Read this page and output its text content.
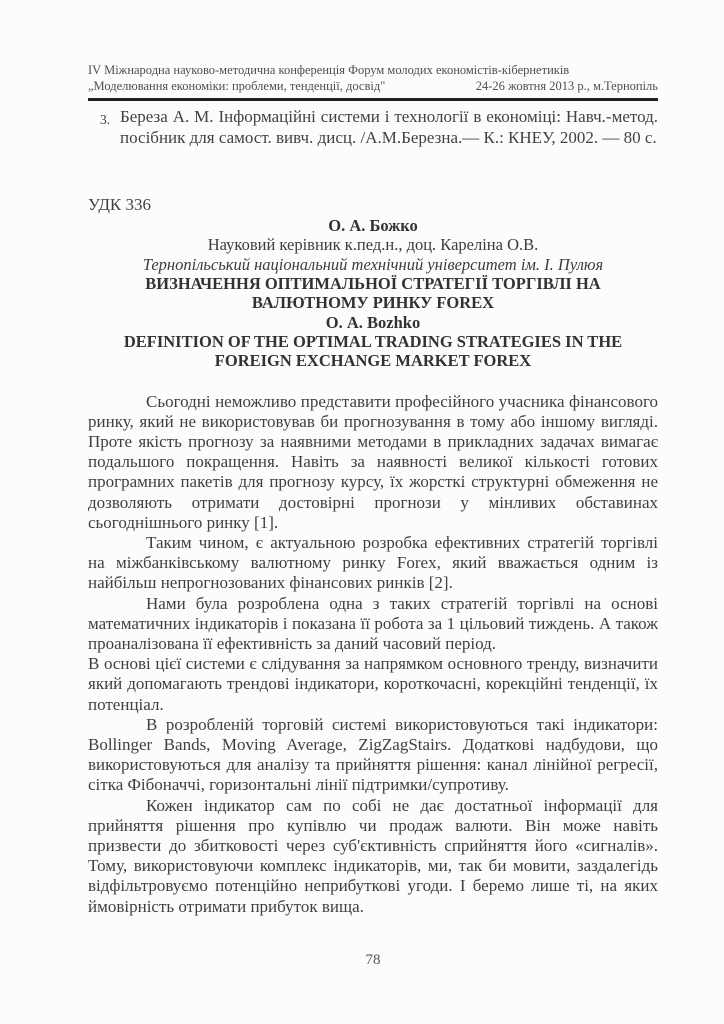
IV Міжнародна науково-методична конференція Форум молодих економістів-кібернетиків
„Моделювання економіки: проблеми, тенденції, досвід"	24-26 жовтня 2013 р., м.Тернопіль
3. Береза А. М. Інформаційні системи і технології в економіці: Навч.-метод. посібник для самост. вивч. дисц. /А.М.Березна.— К.: КНЕУ, 2002. — 80 с.
УДК 336
О. А. Божко
Науковий керівник к.пед.н., доц. Кареліна О.В.
Тернопільський національний технічний університет ім. І. Пулюя
ВИЗНАЧЕННЯ ОПТИМАЛЬНОЇ СТРАТЕГІЇ ТОРГІВЛІ НА ВАЛЮТНОМУ РИНКУ FOREX
О. А. Bozhko
DEFINITION OF THE OPTIMAL TRADING STRATEGIES IN THE FOREIGN EXCHANGE MARKET FOREX

Сьогодні неможливо представити професійного учасника фінансового ринку, який не використовував би прогнозування в тому або іншому вигляді. Проте якість прогнозу за наявними методами в прикладних задачах вимагає подальшого покращення. Навіть за наявності великої кількості готових програмних пакетів для прогнозу курсу, їх жорсткі структурні обмеження не дозволяють отримати достовірні прогнози у мінливих обставинах сьогоднішнього ринку [1].

Таким чином, є актуальною розробка ефективних стратегій торгівлі на міжбанківському валютному ринку Forex, який вважається одним із найбільш непрогнозованих фінансових ринків [2].

Нами була розроблена одна з таких стратегій торгівлі на основі математичних індикаторів і показана її робота за 1 цільовий тиждень. А також проаналізована її ефективність за даний часовий період.

В основі цієї системи є слідування за напрямком основного тренду, визначити який допомагають трендові індикатори, короткочасні, корекційні тенденції, їх потенціал.

В розробленій торговій системі використовуються такі індикатори: Bollinger Bands, Moving Average, ZigZagStairs. Додаткові надбудови, що використовуються для аналізу та прийняття рішення: канал лінійної регресії, сітка Фібоначчі, горизонтальні лінії підтримки/супротиву.

Кожен індикатор сам по собі не дає достатньої інформації для прийняття рішення про купівлю чи продаж валюти. Він може навіть призвести до збитковості через суб'єктивність сприйняття його «сигналів». Тому, використовуючи комплекс індикаторів, ми, так би мовити, заздалегідь відфільтровуємо потенційно неприбуткові угоди. І беремо лише ті, на яких ймовірність отримати прибуток вища.

78
